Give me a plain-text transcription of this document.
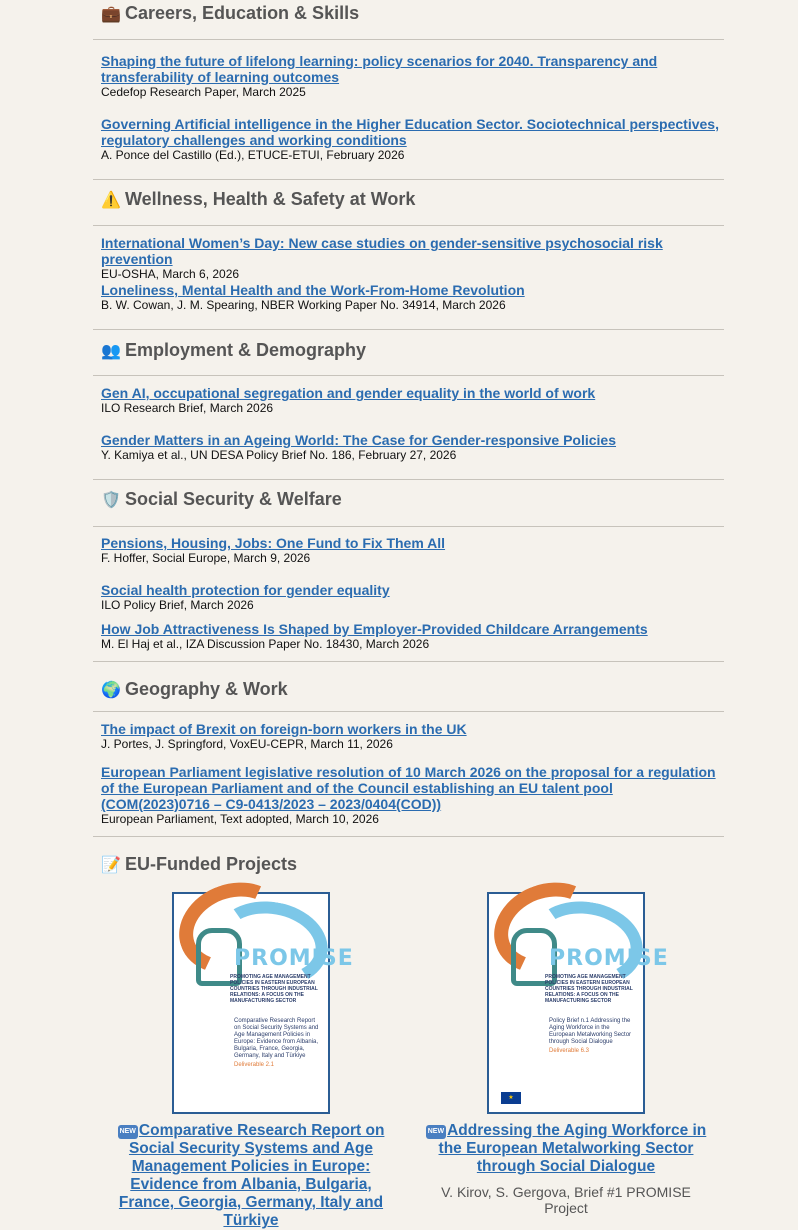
💼 Careers, Education & Skills
Shaping the future of lifelong learning: policy scenarios for 2040. Transparency and transferability of learning outcomes
Cedefop Research Paper, March 2025
Governing Artificial intelligence in the Higher Education Sector. Sociotechnical perspectives, regulatory challenges and working conditions
A. Ponce del Castillo (Ed.), ETUCE-ETUI, February 2026
⚠️ Wellness, Health & Safety at Work
International Women’s Day: New case studies on gender-sensitive psychosocial risk prevention
EU-OSHA, March 6, 2026
Loneliness, Mental Health and the Work-From-Home Revolution
B. W. Cowan, J. M. Spearing, NBER Working Paper No. 34914, March 2026
👥 Employment & Demography
Gen AI, occupational segregation and gender equality in the world of work
ILO Research Brief, March 2026
Gender Matters in an Ageing World: The Case for Gender-responsive Policies
Y. Kamiya et al., UN DESA Policy Brief No. 186, February 27, 2026
🛡️ Social Security & Welfare
Pensions, Housing, Jobs: One Fund to Fix Them All
F. Hoffer, Social Europe, March 9, 2026
Social health protection for gender equality
ILO Policy Brief, March 2026
How Job Attractiveness Is Shaped by Employer-Provided Childcare Arrangements
M. El Haj et al., IZA Discussion Paper No. 18430, March 2026
🌍 Geography & Work
The impact of Brexit on foreign-born workers in the UK
J. Portes, J. Springford, VoxEU-CEPR, March 11, 2026
European Parliament legislative resolution of 10 March 2026 on the proposal for a regulation of the European Parliament and of the Council establishing an EU talent pool (COM(2023)0716 – C9-0413/2023 – 2023/0404(COD))
European Parliament, Text adopted, March 10, 2026
📝 EU-Funded Projects
PROMISE
PROMOTING AGE MANAGEMENT POLICIES IN EASTERN EUROPEAN COUNTRIES THROUGH INDUSTRIAL RELATIONS: A FOCUS ON THE MANUFACTURING SECTOR
Comparative Research Report on Social Security Systems and Age Management Policies in Europe: Evidence from Albania, Bulgaria, France, Georgia, Germany, Italy and Türkiye
Deliverable 2.1
NEW Comparative Research Report on Social Security Systems and Age Management Policies in Europe: Evidence from Albania, Bulgaria, France, Georgia, Germany, Italy and Türkiye
PROMISE
PROMOTING AGE MANAGEMENT POLICIES IN EASTERN EUROPEAN COUNTRIES THROUGH INDUSTRIAL RELATIONS: A FOCUS ON THE MANUFACTURING SECTOR
Policy Brief n.1 Addressing the Aging Workforce in the European Metalworking Sector through Social Dialogue
Deliverable 6.3
★
NEW Addressing the Aging Workforce in the European Metalworking Sector through Social Dialogue
V. Kirov, S. Gergova, Brief #1 PROMISE Project
